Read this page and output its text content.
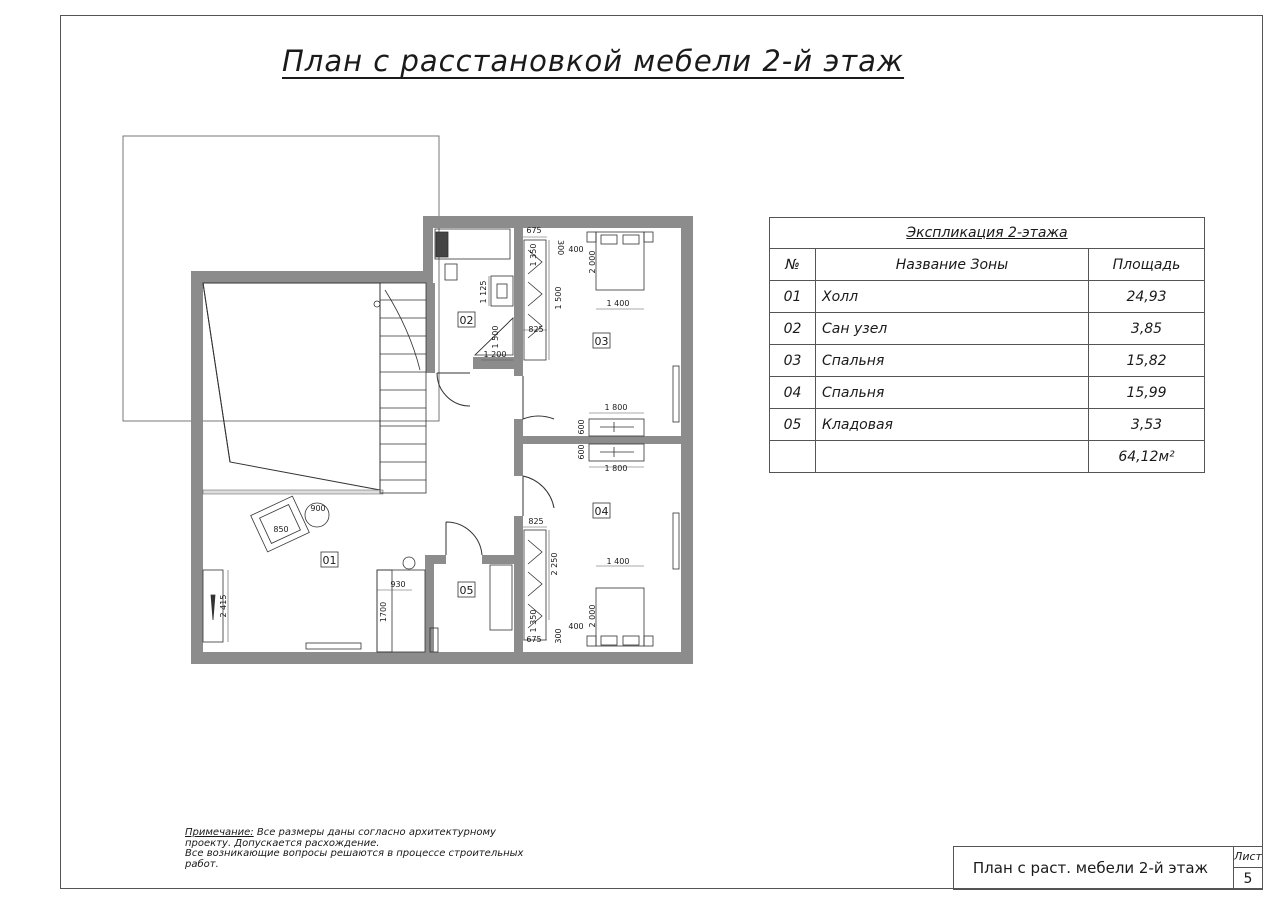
План с расстановкой мебели 2-й этаж
02
03
04
01
05
675
300 400
2 000
1 350
1 500	1 400
1 125
825
1 500
1 200
1 800
600
600
1 800
825
2 250	1 400
1 350	400 2 000
675 300
900
850
930
1700
2 415
Экспликация 2-этажа		
№	Название Зоны	Площадь
01	Холл	24,93
02	Сан узел	3,85
03	Спальня	15,82
04	Спальня	15,99
05	Кладовая	3,53
		64,12м²
Примечание: Все размеры даны согласно архитектурному
проекту. Допускается расхождение.
Все возникающие вопросы решаются в процессе строительных
работ.	План с раст. мебели 2-й этаж
Лист
5
